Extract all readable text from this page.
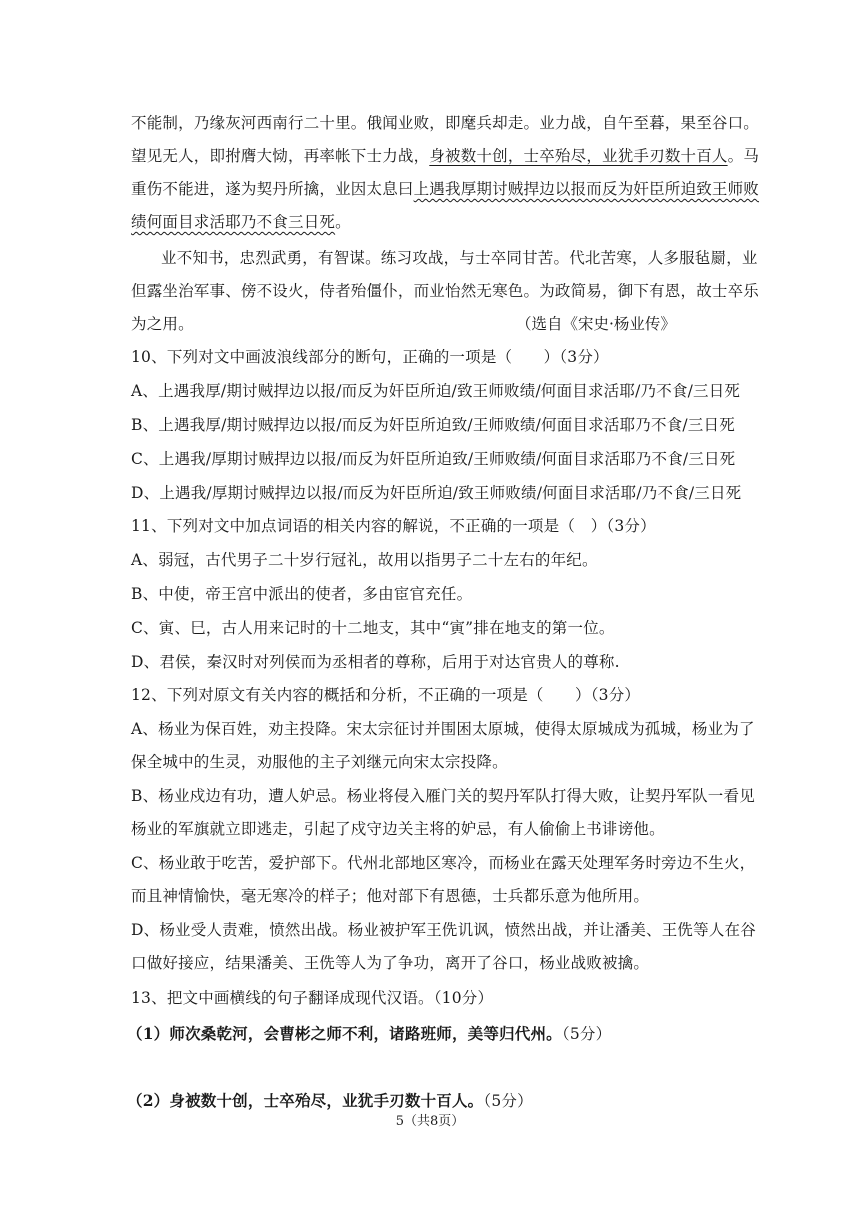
不能制，乃缘灰河西南行二十里。俄闻业败，即麾兵却走。业力战，自午至暮，果至谷口。
望见无人，即拊膺大恸，再率帐下士力战，身被数十创，士卒殆尽，业犹手刃数十百人。马
重伤不能进，遂为契丹所擒，业因太息曰上遇我厚期讨贼捍边以报而反为奸臣所迫致王师败
绩何面目求活耶乃不食三日死。
业不知书，忠烈武勇，有智谋。练习攻战，与士卒同甘苦。代北苦寒，人多服毡罽，业
但露坐治军事、傍不设火，侍者殆僵仆，而业怡然无寒色。为政简易，御下有恩，故士卒乐
为之用。	（选自《宋史·杨业传》
10、下列对文中画波浪线部分的断句，正确的一项是（　　）（3分）
A、上遇我厚/期讨贼捍边以报/而反为奸臣所迫/致王师败绩/何面目求活耶/乃不食/三日死
B、上遇我厚/期讨贼捍边以报/而反为奸臣所迫致/王师败绩/何面目求活耶乃不食/三日死
C、上遇我/厚期讨贼捍边以报/而反为奸臣所迫致/王师败绩/何面目求活耶乃不食/三日死
D、上遇我/厚期讨贼捍边以报/而反为奸臣所迫/致王师败绩/何面目求活耶/乃不食/三日死
11、下列对文中加点词语的相关内容的解说，不正确的一项是（　）（3分）
A、弱冠，古代男子二十岁行冠礼，故用以指男子二十左右的年纪。
B、中使，帝王宫中派出的使者，多由宦官充任。
C、寅、巳，古人用来记时的十二地支，其中“寅”排在地支的第一位。
D、君侯，秦汉时对列侯而为丞相者的尊称，后用于对达官贵人的尊称.
12、下列对原文有关内容的概括和分析，不正确的一项是（　　）（3分）
A、杨业为保百姓，劝主投降。宋太宗征讨并围困太原城，使得太原城成为孤城，杨业为了
保全城中的生灵，劝服他的主子刘继元向宋太宗投降。
B、杨业戍边有功，遭人妒忌。杨业将侵入雁门关的契丹军队打得大败，让契丹军队一看见
杨业的军旗就立即逃走，引起了戍守边关主将的妒忌，有人偷偷上书诽谤他。
C、杨业敢于吃苦，爱护部下。代州北部地区寒冷，而杨业在露天处理军务时旁边不生火，
而且神情愉快，毫无寒冷的样子；他对部下有恩德，士兵都乐意为他所用。
D、杨业受人责难，愤然出战。杨业被护军王侁讥讽，愤然出战，并让潘美、王侁等人在谷
口做好接应，结果潘美、王侁等人为了争功，离开了谷口，杨业战败被擒。
13、把文中画横线的句子翻译成现代汉语。（10分）
（1）师次桑乾河，会曹彬之师不利，诸路班师，美等归代州。（5分）
（2）身被数十创，士卒殆尽，业犹手刃数十百人。（5分）
5（共8页）
